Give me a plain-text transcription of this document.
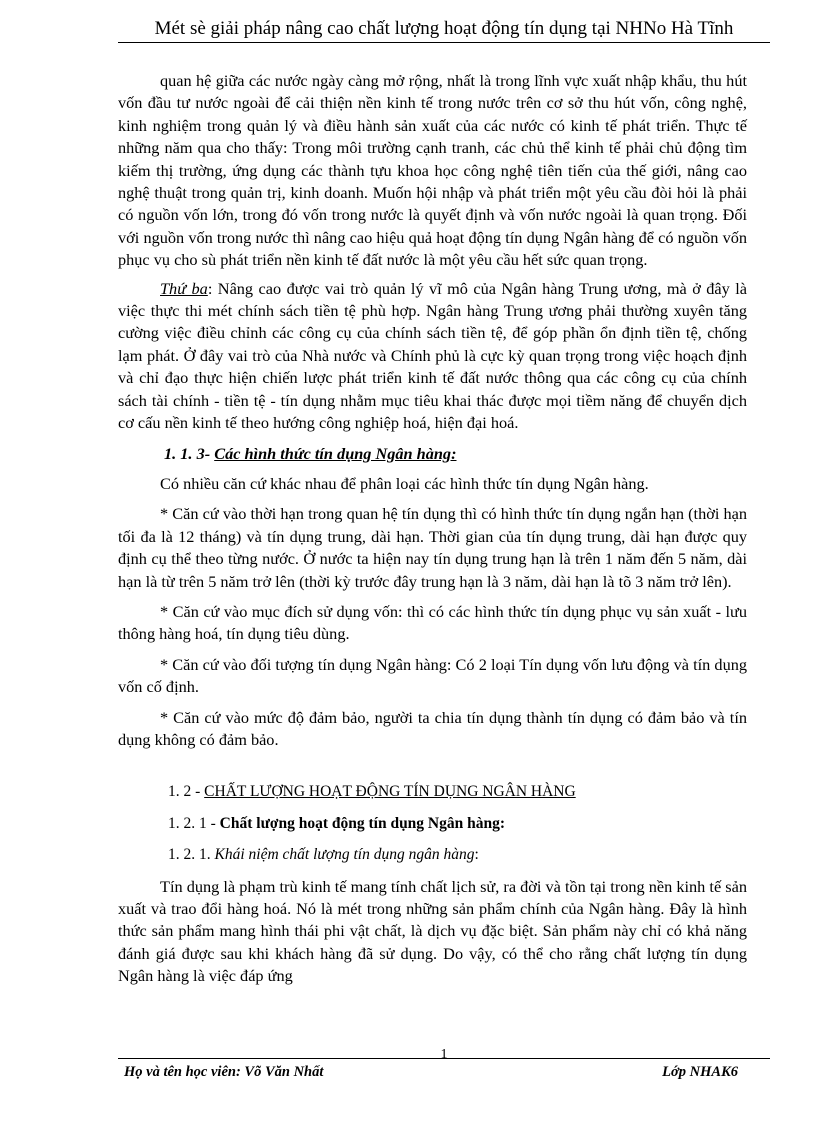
Mét sè giải pháp nâng cao chất lượng hoạt động tín dụng tại NHNo Hà Tĩnh

quan hệ giữa các nước ngày càng mở rộng, nhất là trong lĩnh vực xuất nhập khẩu, thu hút vốn đầu tư nước ngoài để cải thiện nền kinh tế trong nước trên cơ sở thu hút vốn, công nghệ, kinh nghiệm trong quản lý và điều hành sản xuất của các nước có kinh tế phát triển. Thực tế những năm qua cho thấy: Trong môi trường cạnh tranh, các chủ thể kinh tế phải chủ động tìm kiếm thị trường, ứng dụng các thành tựu khoa học công nghệ tiên tiến của thế giới, nâng cao nghệ thuật trong quản trị, kinh doanh. Muốn hội nhập và phát triển một yêu cầu đòi hỏi là phải có nguồn vốn lớn, trong đó vốn trong nước là quyết định và vốn nước ngoài là quan trọng. Đối với nguồn vốn trong nước thì nâng cao hiệu quả hoạt động tín dụng Ngân hàng để có nguồn vốn phục vụ cho sù phát triển nền kinh tế đất nước là một yêu cầu hết sức quan trọng.

Thứ ba: Nâng cao được vai trò quản lý vĩ mô của Ngân hàng Trung ương, mà ở đây là việc thực thi mét chính sách tiền tệ phù hợp. Ngân hàng Trung ương phải thường xuyên tăng cường việc điều chỉnh các công cụ của chính sách tiền tệ, để góp phần ổn định tiền tệ, chống lạm phát. Ở đây vai trò của Nhà nước và Chính phủ là cực kỳ quan trọng trong việc hoạch định và chỉ đạo thực hiện chiến lược phát triển kinh tế đất nước thông qua các công cụ của chính sách tài chính - tiền tệ - tín dụng nhằm mục tiêu khai thác được mọi tiềm năng để chuyển dịch cơ cấu nền kinh tế theo hướng công nghiệp hoá, hiện đại hoá.

1. 1. 3- Các hình thức tín dụng Ngân hàng:

Có nhiều căn cứ khác nhau để phân loại các hình thức tín dụng Ngân hàng.

* Căn cứ vào thời hạn trong quan hệ tín dụng thì có hình thức tín dụng ngắn hạn (thời hạn tối đa là 12 tháng) và tín dụng trung, dài hạn. Thời gian của tín dụng trung, dài hạn được quy định cụ thể theo từng nước. Ở nước ta hiện nay tín dụng trung hạn là trên 1 năm đến 5 năm, dài hạn là từ trên 5 năm trở lên (thời kỳ trước đây trung hạn là 3 năm, dài hạn là tõ 3 năm trở lên).

* Căn cứ vào mục đích sử dụng vốn: thì có các hình thức tín dụng phục vụ sản xuất - lưu thông hàng hoá, tín dụng tiêu dùng.

* Căn cứ vào đối tượng tín dụng Ngân hàng: Có 2 loại Tín dụng vốn lưu động và tín dụng vốn cố định.

* Căn cứ vào mức độ đảm bảo, người ta chia tín dụng thành tín dụng có đảm bảo và tín dụng không có đảm bảo.

1. 2 - CHẤT LƯỢNG HOẠT ĐỘNG TÍN DỤNG NGÂN HÀNG

1. 2. 1 - Chất lượng hoạt động tín dụng Ngân hàng:

1. 2. 1. Khái niệm chất lượng tín dụng ngân hàng:

Tín dụng là phạm trù kinh tế mang tính chất lịch sử, ra đời và tồn tại trong nền kinh tế sản xuất và trao đổi hàng hoá. Nó là mét trong những sản phẩm chính của Ngân hàng. Đây là hình thức sản phẩm mang hình thái phi vật chất, là dịch vụ đặc biệt. Sản phẩm này chỉ có khả năng đánh giá được sau khi khách hàng đã sử dụng. Do vậy, có thể cho rằng chất lượng tín dụng Ngân hàng là việc đáp ứng

1
Họ và tên học viên: Võ Văn Nhất	Lớp NHAK6
